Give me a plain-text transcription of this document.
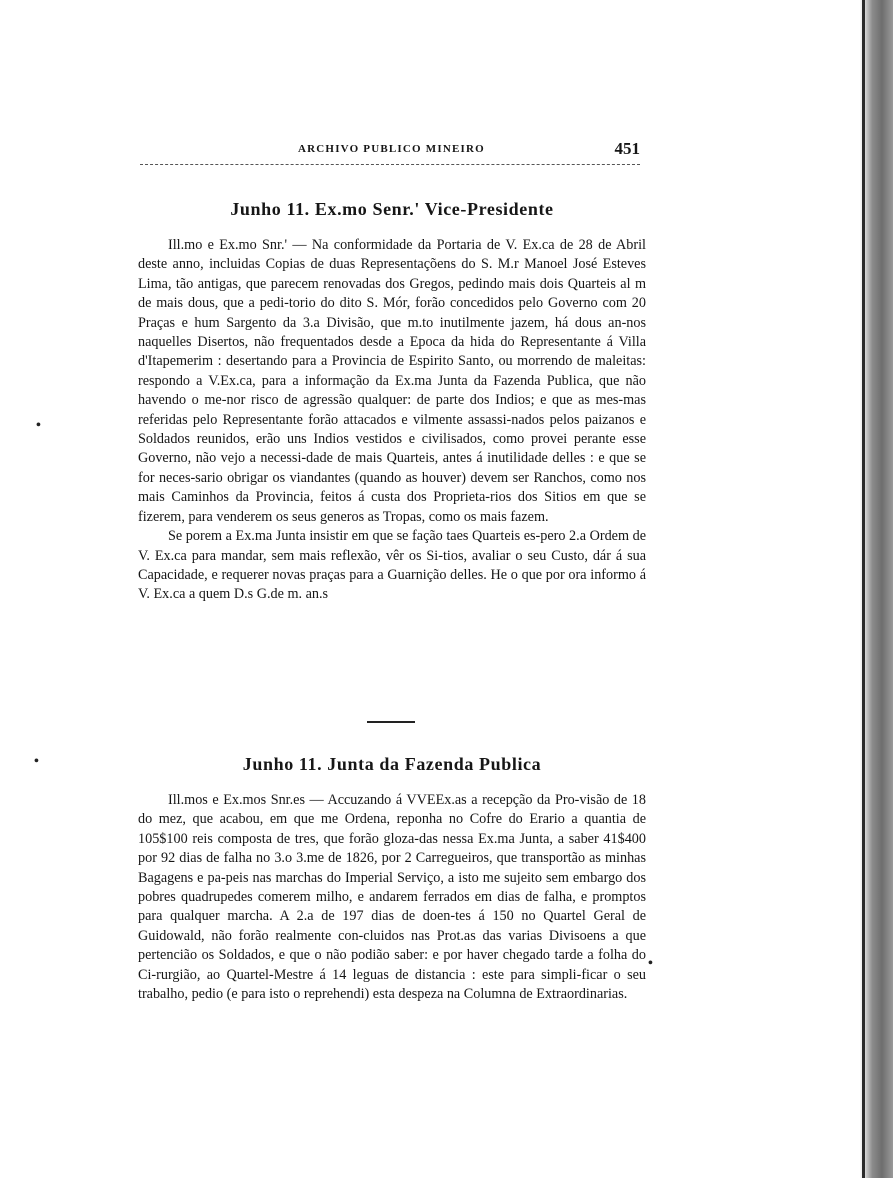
ARCHIVO PUBLICO MINEIRO	451
Junho 11. Ex.mo Senr.' Vice-Presidente

Ill.mo e Ex.mo Snr.' — Na conformidade da Portaria de V. Ex.ca de 28 de Abril deste anno, incluidas Copias de duas Representaçõens do S. M.r Manoel José Esteves Lima, tão antigas, que parecem renovadas dos Gregos, pedindo mais dois Quarteis al m de mais dous, que a pedi-torio do dito S. Mór, forão concedidos pelo Governo com 20 Praças e hum Sargento da 3.a Divisão, que m.to inutilmente jazem, há dous an-nos naquelles Disertos, não frequentados desde a Epoca da hida do Representante á Villa d'Itapemerim : desertando para a Provincia de Espirito Santo, ou morrendo de maleitas: respondo a V.Ex.ca, para a informação da Ex.ma Junta da Fazenda Publica, que não havendo o me-nor risco de agressão qualquer: de parte dos Indios; e que as mes-mas referidas pelo Representante forão attacados e vilmente assassi-nados pelos paizanos e Soldados reunidos, erão uns Indios vestidos e civilisados, como provei perante esse Governo, não vejo a necessi-dade de mais Quarteis, antes á inutilidade delles : e que se for neces-sario obrigar os viandantes (quando as houver) devem ser Ranchos, como nos mais Caminhos da Provincia, feitos á custa dos Proprieta-rios dos Sitios em que se fizerem, para venderem os seus generos as Tropas, como os mais fazem.

Se porem a Ex.ma Junta insistir em que se fação taes Quarteis es-pero 2.a Ordem de V. Ex.ca para mandar, sem mais reflexão, vêr os Si-tios, avaliar o seu Custo, dár á sua Capacidade, e requerer novas praças para a Guarnição delles. He o que por ora informo á V. Ex.ca a quem D.s G.de m. an.s

Junho 11. Junta da Fazenda Publica

Ill.mos e Ex.mos Snr.es — Accuzando á VVEEx.as a recepção da Pro-visão de 18 do mez, que acabou, em que me Ordena, reponha no Cofre do Erario a quantia de 105$100 reis composta de tres, que forão gloza-das nessa Ex.ma Junta, a saber 41$400 por 92 dias de falha no 3.o 3.me de 1826, por 2 Carregueiros, que transportão as minhas Bagagens e pa-peis nas marchas do Imperial Serviço, a isto me sujeito sem embargo dos pobres quadrupedes comerem milho, e andarem ferrados em dias de falha, e promptos para qualquer marcha. A 2.a de 197 dias de doen-tes á 150 no Quartel Geral de Guidowald, não forão realmente con-cluidos nas Prot.as das varias Divisoens a que pertencião os Soldados, e que o não podião saber: e por haver chegado tarde a folha do Ci-rurgião, ao Quartel-Mestre á 14 leguas de distancia : este para simpli-ficar o seu trabalho, pedio (e para isto o reprehendi) esta despeza na Columna de Extraordinarias.

•
•
•
